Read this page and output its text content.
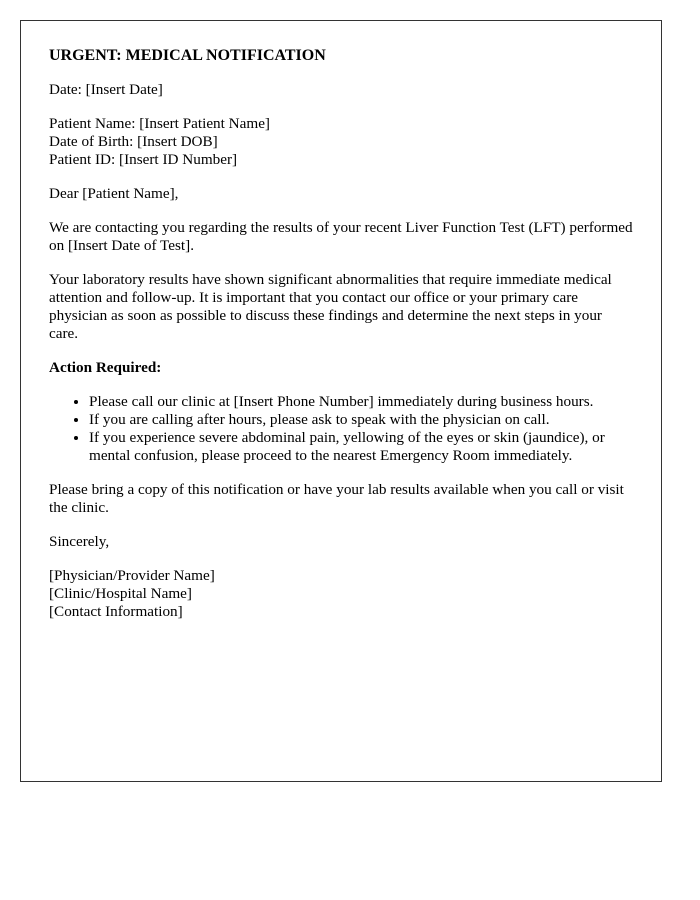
URGENT: MEDICAL NOTIFICATION

Date: [Insert Date]

Patient Name: [Insert Patient Name]
Date of Birth: [Insert DOB]
Patient ID: [Insert ID Number]

Dear [Patient Name],

We are contacting you regarding the results of your recent Liver Function Test (LFT) performed on [Insert Date of Test].

Your laboratory results have shown significant abnormalities that require immediate medical attention and follow-up. It is important that you contact our office or your primary care physician as soon as possible to discuss these findings and determine the next steps in your care.

Action Required:
• Please call our clinic at [Insert Phone Number] immediately during business hours.
• If you are calling after hours, please ask to speak with the physician on call.
• If you experience severe abdominal pain, yellowing of the eyes or skin (jaundice), or mental confusion, please proceed to the nearest Emergency Room immediately.

Please bring a copy of this notification or have your lab results available when you call or visit the clinic.

Sincerely,

[Physician/Provider Name]
[Clinic/Hospital Name]
[Contact Information]
